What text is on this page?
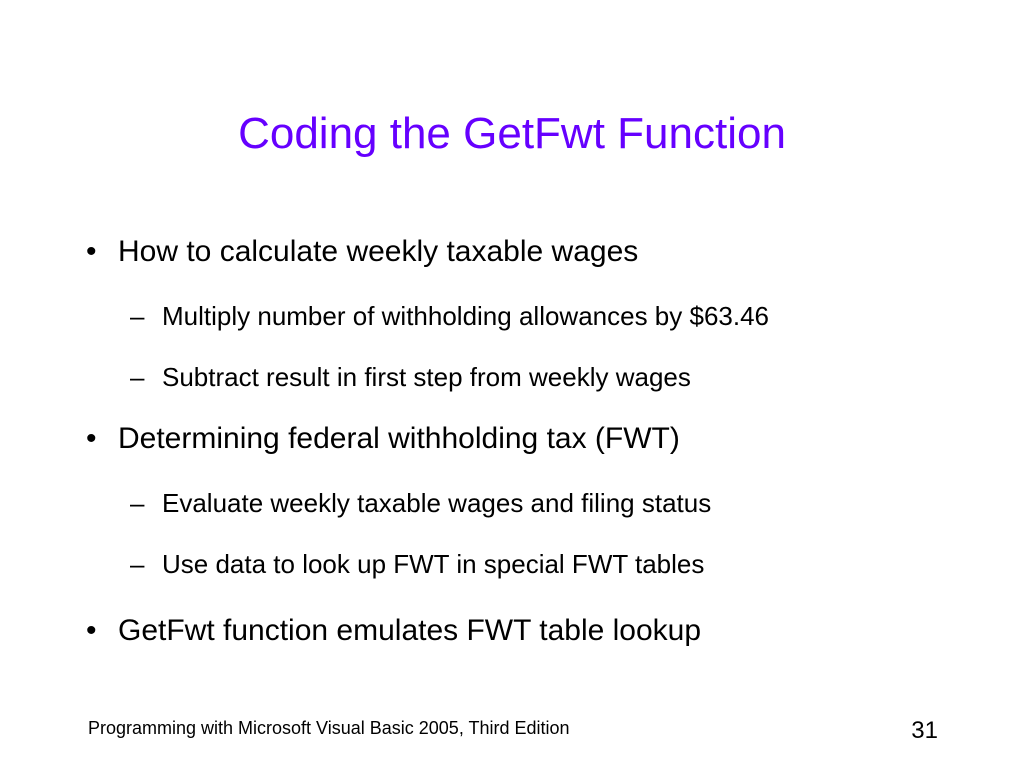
Coding the GetFwt Function
• How to calculate weekly taxable wages
– Multiply number of withholding allowances by $63.46
– Subtract result in first step from weekly wages
• Determining federal withholding tax (FWT)
– Evaluate weekly taxable wages and filing status
– Use data to look up FWT in special FWT tables
• GetFwt function emulates FWT table lookup
Programming with Microsoft Visual Basic 2005, Third Edition	31
